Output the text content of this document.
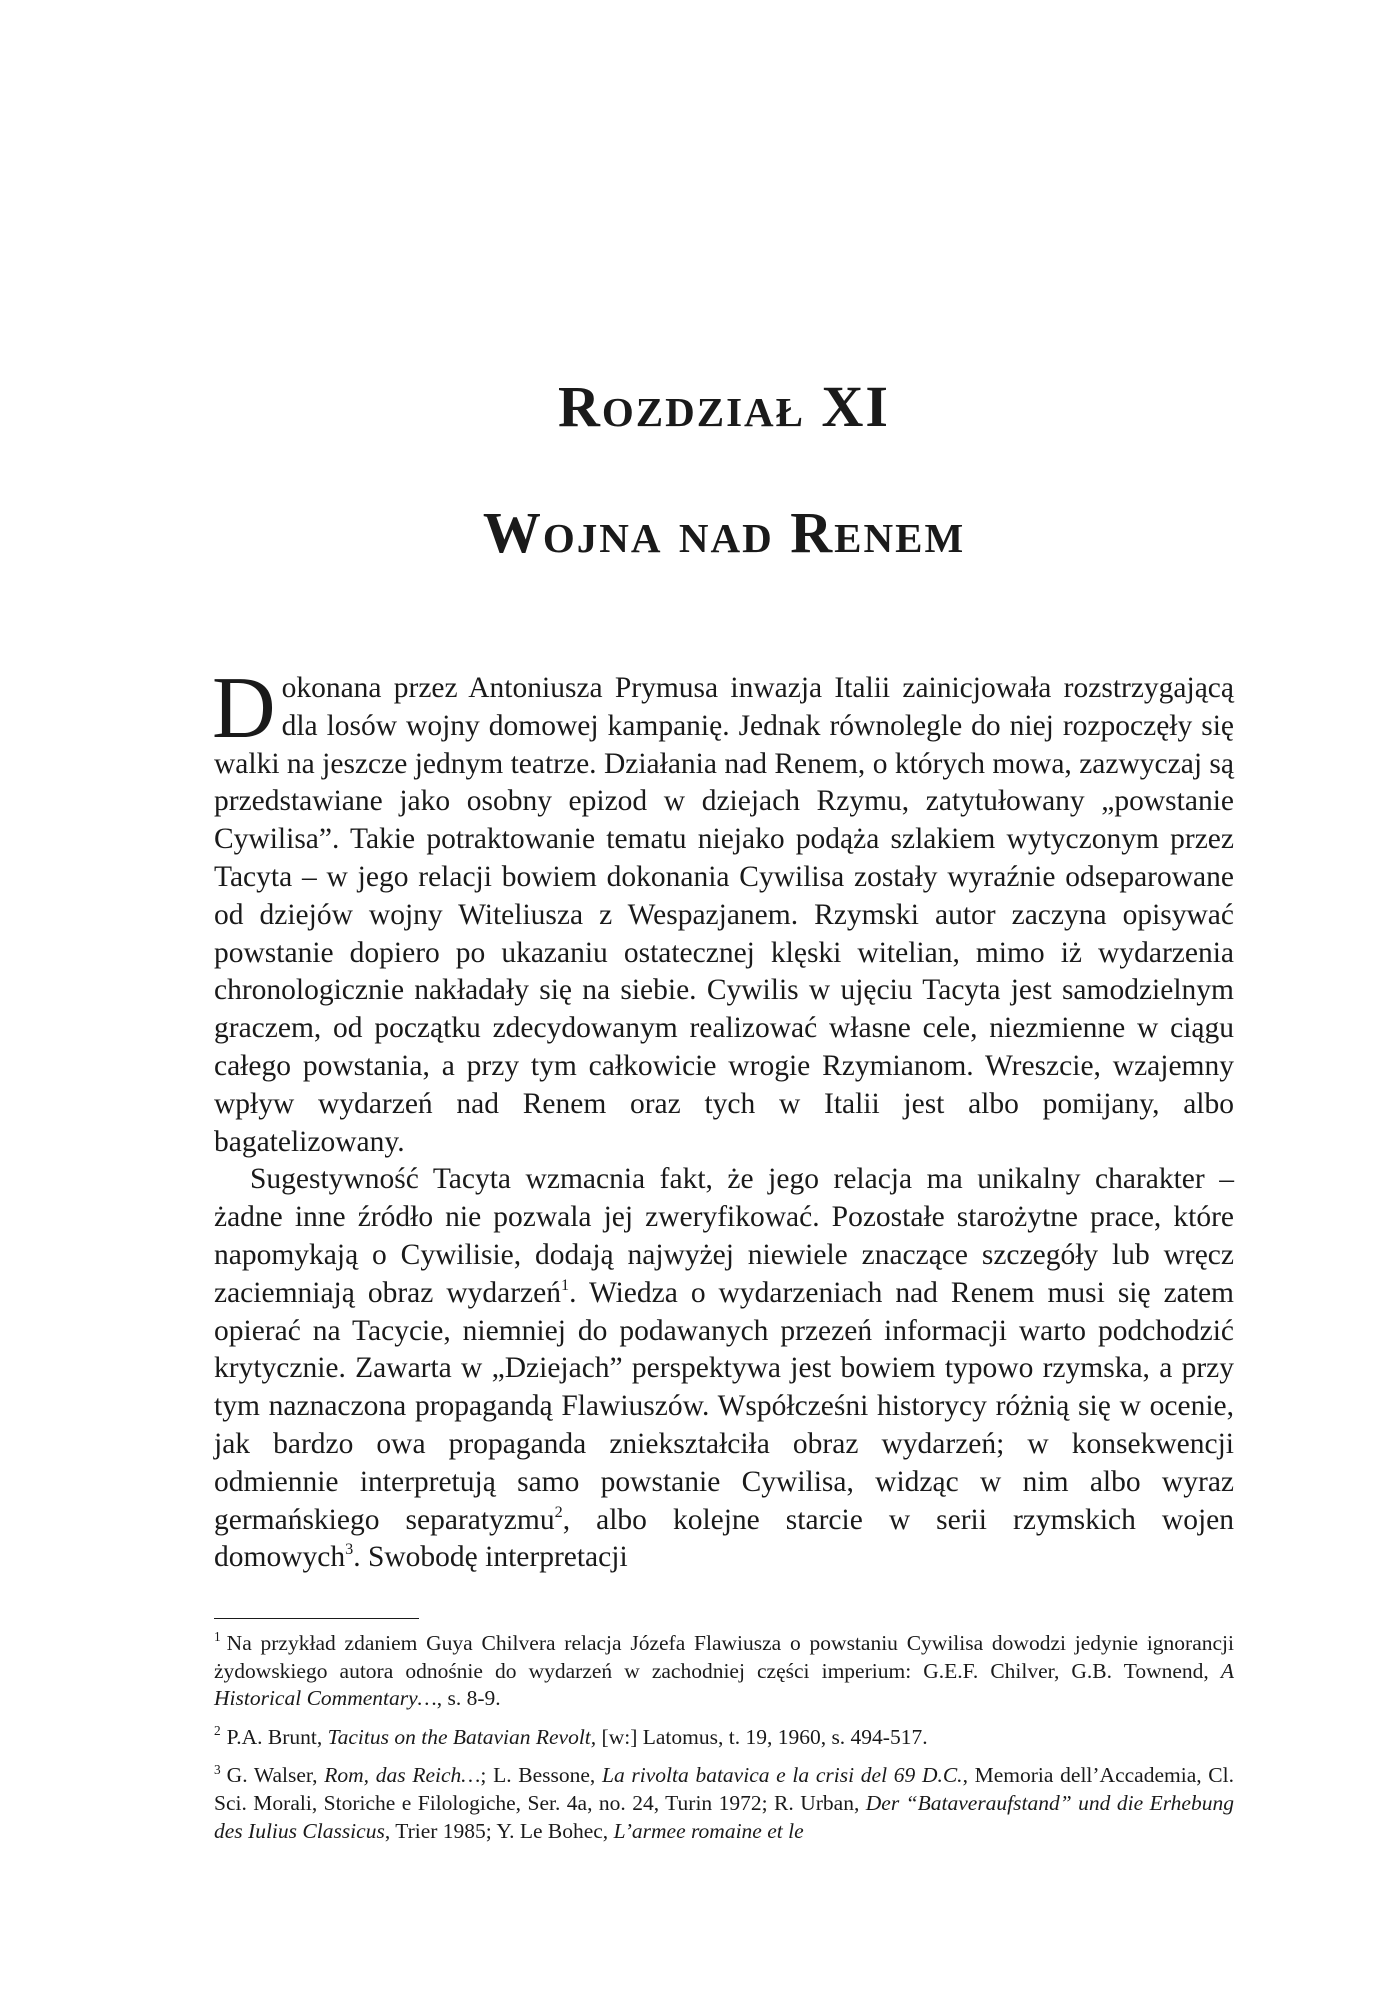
Rozdział XI
Wojna nad Renem

Dokonana przez Antoniusza Prymusa inwazja Italii zainicjowała rozstrzygającą dla losów wojny domowej kampanię. Jednak równolegle do niej rozpoczęły się walki na jeszcze jednym teatrze. Działania nad Renem, o których mowa, zazwyczaj są przedstawiane jako osobny epizod w dziejach Rzymu, zatytułowany „powstanie Cywilisa”. Takie potraktowanie tematu niejako podąża szlakiem wytyczonym przez Tacyta – w jego relacji bowiem dokonania Cywilisa zostały wyraźnie odseparowane od dziejów wojny Witeliusza z Wespazjanem. Rzymski autor zaczyna opisywać powstanie dopiero po ukazaniu ostatecznej klęski witelian, mimo iż wydarzenia chronologicznie nakładały się na siebie. Cywilis w ujęciu Tacyta jest samodzielnym graczem, od początku zdecydowanym realizować własne cele, niezmienne w ciągu całego powstania, a przy tym całkowicie wrogie Rzymianom. Wreszcie, wzajemny wpływ wydarzeń nad Renem oraz tych w Italii jest albo pomijany, albo bagatelizowany.

Sugestywność Tacyta wzmacnia fakt, że jego relacja ma unikalny charakter – żadne inne źródło nie pozwala jej zweryfikować. Pozostałe starożytne prace, które napomykają o Cywilisie, dodają najwyżej niewiele znaczące szczegóły lub wręcz zaciemniają obraz wydarzeń$^1$. Wiedza o wydarzeniach nad Renem musi się zatem opierać na Tacycie, niemniej do podawanych przezeń informacji warto podchodzić krytycznie. Zawarta w „Dziejach” perspektywa jest bowiem typowo rzymska, a przy tym naznaczona propagandą Flawiuszów. Współcześni historycy różnią się w ocenie, jak bardzo owa propaganda zniekształciła obraz wydarzeń; w konsekwencji odmiennie interpretują samo powstanie Cywilisa, widząc w nim albo wyraz germańskiego separatyzmu$^2$, albo kolejne starcie w serii rzymskich wojen domowych$^3$. Swobodę interpretacji

$^1$ Na przykład zdaniem Guya Chilvera relacja Józefa Flawiusza o powstaniu Cywilisa dowodzi jedynie ignorancji żydowskiego autora odnośnie do wydarzeń w zachodniej części imperium: G.E.F. Chilver, G.B. Townend, A Historical Commentary…, s. 8-9.

$^2$ P.A. Brunt, Tacitus on the Batavian Revolt, [w:] Latomus, t. 19, 1960, s. 494-517.

$^3$ G. Walser, Rom, das Reich…; L. Bessone, La rivolta batavica e la crisi del 69 D.C., Memoria dell’Accademia, Cl. Sci. Morali, Storiche e Filologiche, Ser. 4a, no. 24, Turin 1972; R. Urban, Der “Bataveraufstand” und die Erhebung des Iulius Classicus, Trier 1985; Y. Le Bohec, L’armee romaine et le
